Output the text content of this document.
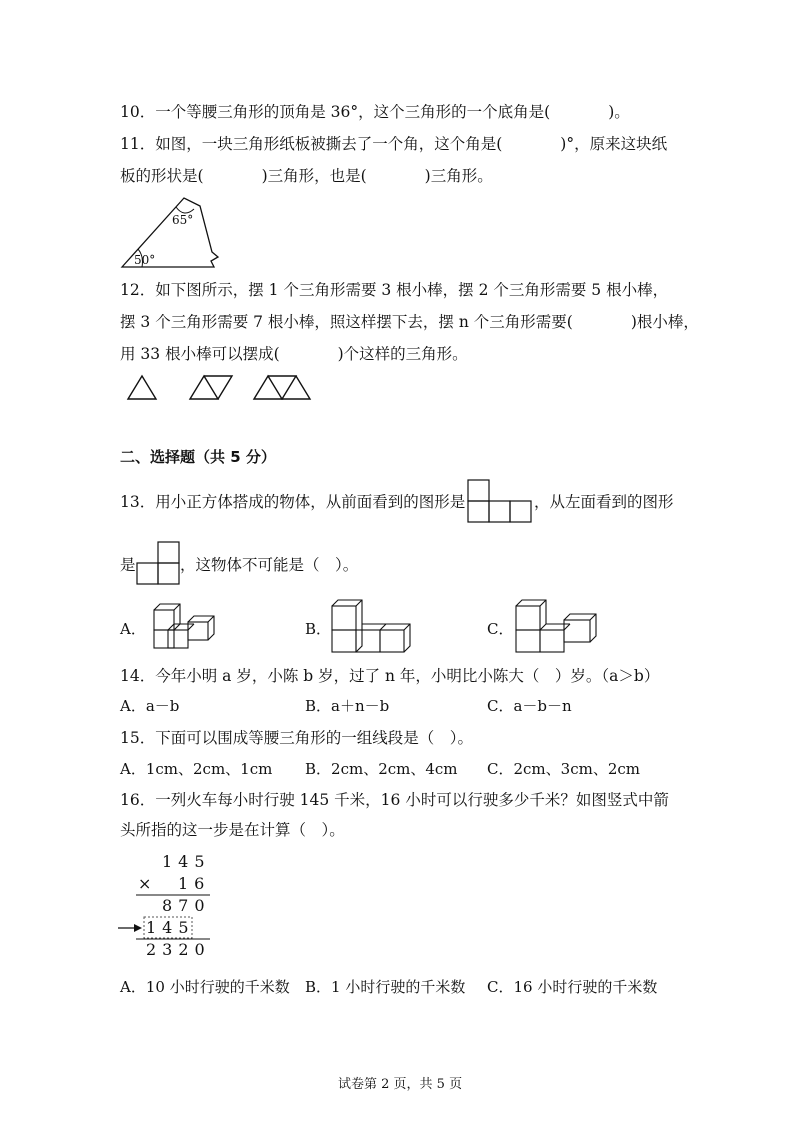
10．一个等腰三角形的顶角是 36°，这个三角形的一个底角是(	)。
11．如图，一块三角形纸板被撕去了一个角，这个角是(	)°，原来这块纸
板的形状是(	)三角形，也是(	)三角形。
65°
50°
12．如下图所示，摆 1 个三角形需要 3 根小棒，摆 2 个三角形需要 5 根小棒，
摆 3 个三角形需要 7 根小棒，照这样摆下去，摆 n 个三角形需要(	)根小棒，
用 33 根小棒可以摆成(	)个这样的三角形。
二、选择题（共 5 分）
13．用小正方体搭成的物体，从前面看到的图形是	，从左面看到的图形
是	，这物体不可能是（　）。
A．	B．	C．
14．今年小明 a 岁，小陈 b 岁，过了 n 年，小明比小陈大（　）岁。（a＞b）
A．a－b	B．a＋n－b	C．a－b－n
15．下面可以围成等腰三角形的一组线段是（　）。
A．1cm、2cm、1cm B．2cm、2cm、4cm C．2cm、3cm、2cm
16．一列火车每小时行驶 145 千米，16 小时可以行驶多少千米？如图竖式中箭
头所指的这一步是在计算（　）。
145
× 16
870
145
2320
A．10 小时行驶的千米数 B．1 小时行驶的千米数 C．16 小时行驶的千米数
试卷第 2 页，共 5 页
